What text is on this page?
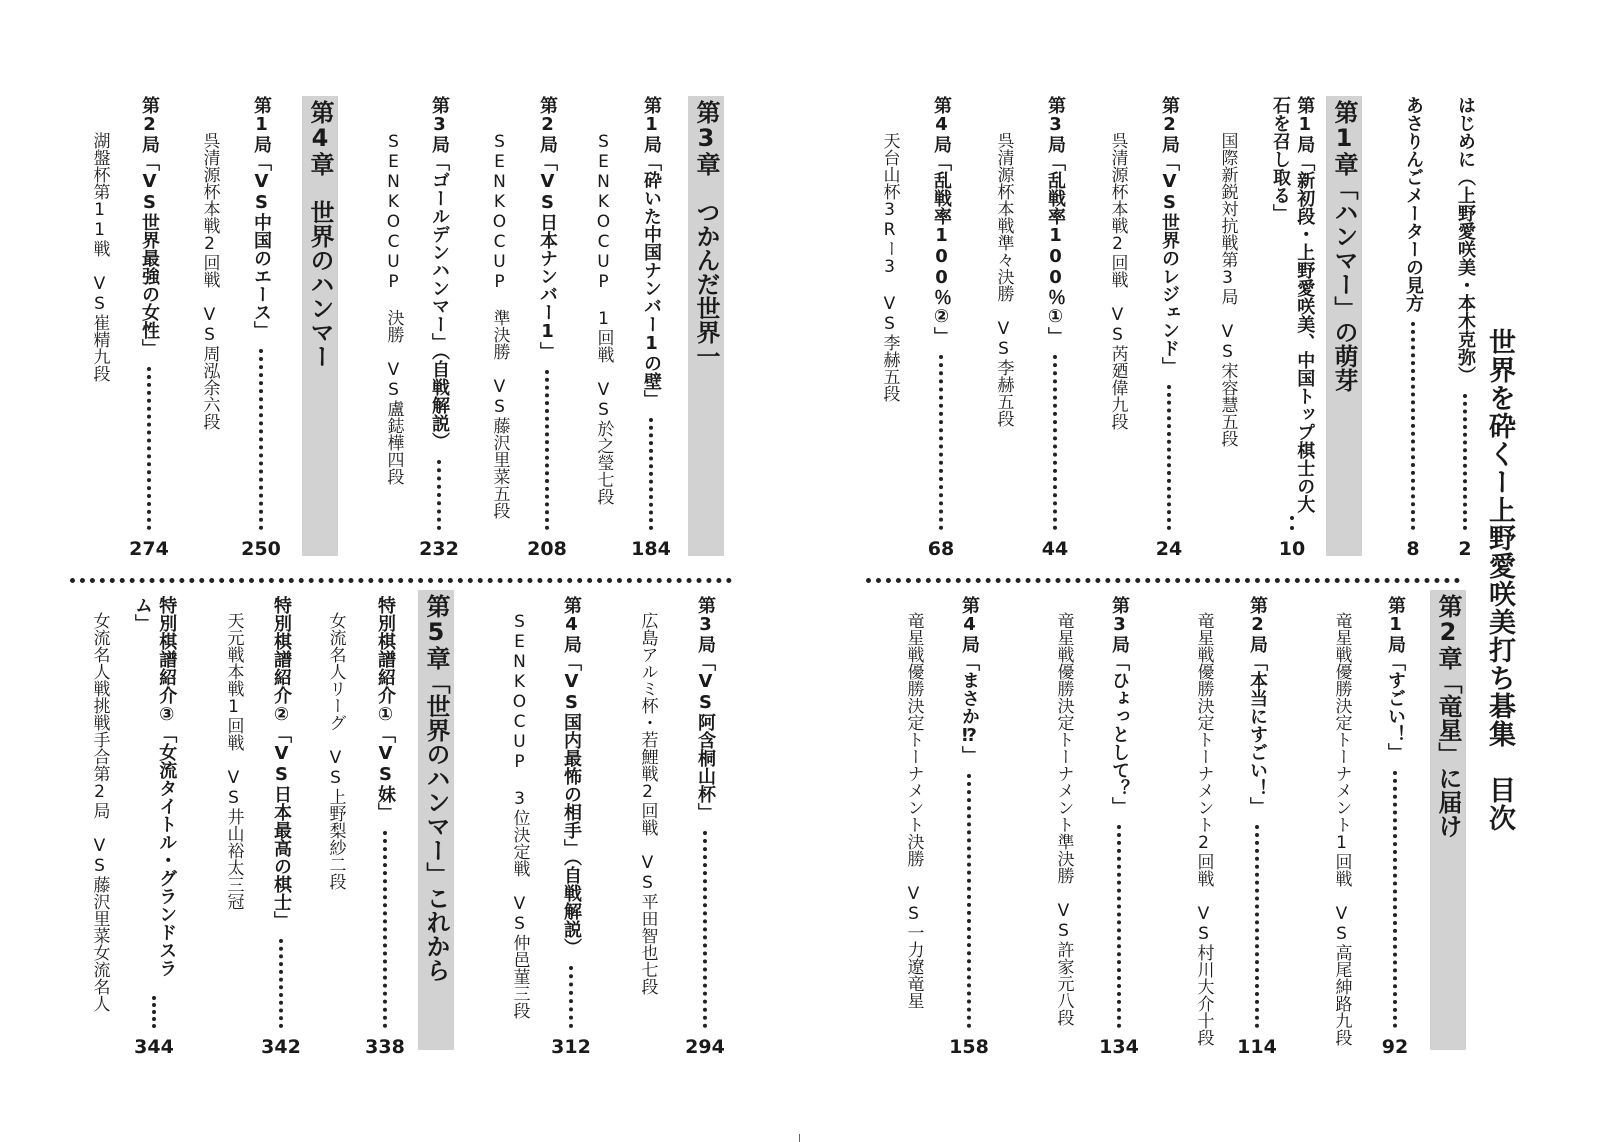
世界を砕くー上野愛咲美打ち碁集　目次
はじめに（上野愛咲美・本木克弥）
2
あさりんごメーターの見方
8
第1章「ハンマー」の萌芽
第1局「新初段・上野愛咲美、中国トップ棋士の大石を召し取る」
10
国際新鋭対抗戦第3局　VS宋容慧五段
第2局「VS世界のレジェンド」
24
呉清源杯本戦2回戦　VS芮廼偉九段
第3局「乱戦率100％①」
44
呉清源杯本戦準々決勝　VS李赫五段
第4局「乱戦率100％②」
68
天台山杯3Rー3　VS李赫五段
第2章「竜星」に届け
第1局「すごい！」
92
竜星戦優勝決定トーナメント1回戦　VS高尾紳路九段
第2局「本当にすごい！」
114
竜星戦優勝決定トーナメント2回戦　VS村川大介十段
第3局「ひょっとして？」
134
竜星戦優勝決定トーナメント準決勝　VS許家元八段
第4局「まさか⁉」
158
竜星戦優勝決定トーナメント決勝　VS一力遼竜星
第3章　つかんだ世界一
第1局「砕いた中国ナンバー1の壁」
184
SENKOCUP　1回戦　VS於之瑩七段
第2局「VS日本ナンバー1」
208
SENKOCUP　準決勝　VS藤沢里菜五段
第3局「ゴールデンハンマー」（自戦解説）
232
SENKOCUP　決勝　VS盧鋕樺四段
第4章　世界のハンマー
第1局「VS中国のエース」
250
呉清源杯本戦2回戦　VS周泓余六段
第2局「VS世界最強の女性」
274
湖盤杯第11戦　VS崔精九段
第3局「VS阿含桐山杯」
294
広島アルミ杯・若鯉戦2回戦　VS平田智也七段
第4局「VS国内最怖の相手」（自戦解説）
312
SENKOCUP　3位決定戦　VS仲邑菫三段
第5章「世界のハンマー」これから
特別棋譜紹介①「VS妹」
338
女流名人リーグ　VS上野梨紗二段
特別棋譜紹介②「VS日本最高の棋士」
342
天元戦本戦1回戦　VS井山裕太三冠
特別棋譜紹介③「女流タイトル・グランドスラム」
344
女流名人戦挑戦手合第2局　VS藤沢里菜女流名人
